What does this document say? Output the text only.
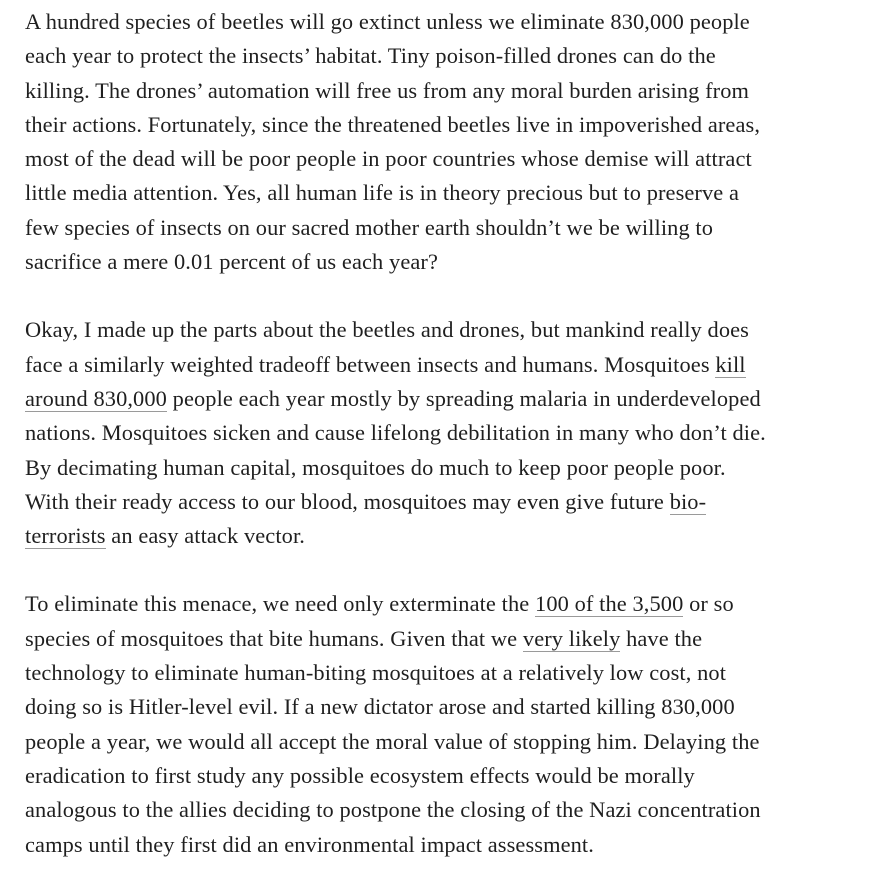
A hundred species of beetles will go extinct unless we eliminate 830,000 people
each year to protect the insects’ habitat. Tiny poison-filled drones can do the
killing. The drones’ automation will free us from any moral burden arising from
their actions. Fortunately, since the threatened beetles live in impoverished areas,
most of the dead will be poor people in poor countries whose demise will attract
little media attention. Yes, all human life is in theory precious but to preserve a
few species of insects on our sacred mother earth shouldn’t we be willing to
sacrifice a mere 0.01 percent of us each year?

Okay, I made up the parts about the beetles and drones, but mankind really does
face a similarly weighted tradeoff between insects and humans. Mosquitoes kill
around 830,000 people each year mostly by spreading malaria in underdeveloped
nations. Mosquitoes sicken and cause lifelong debilitation in many who don’t die.
By decimating human capital, mosquitoes do much to keep poor people poor.
With their ready access to our blood, mosquitoes may even give future bio-
terrorists an easy attack vector.

To eliminate this menace, we need only exterminate the 100 of the 3,500 or so
species of mosquitoes that bite humans. Given that we very likely have the
technology to eliminate human-biting mosquitoes at a relatively low cost, not
doing so is Hitler-level evil. If a new dictator arose and started killing 830,000
people a year, we would all accept the moral value of stopping him. Delaying the
eradication to first study any possible ecosystem effects would be morally
analogous to the allies deciding to postpone the closing of the Nazi concentration
camps until they first did an environmental impact assessment.
